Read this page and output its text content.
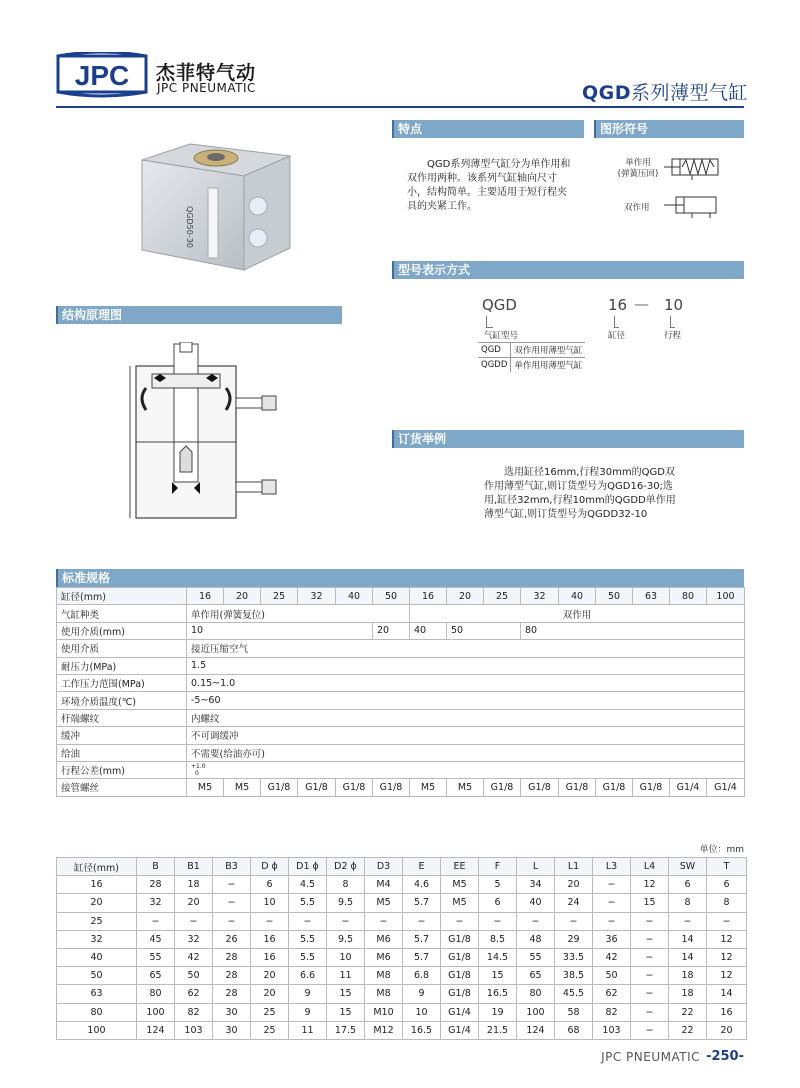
JPC 杰菲特气动
JPC PNEUMATIC	QGD系列薄型气缸
QGD50-30
特点
QGD系列薄型气缸分为单作用和双作用两种。该系列气缸轴向尺寸小，结构简单。主要适用于短行程夹具的夹紧工作。
图形符号
单作用
(弹簧压回)
双作用
型号表示方式
QGD	16 — 10
气缸型号	缸径	行程
QGD	双作用用薄型气缸
QGDD	单作用用薄型气缸
结构原理图
订货举例
选用缸径16mm,行程30mm的QGD双作用薄型气缸,则订货型号为QGD16-30;选用,缸径32mm,行程10mm的QGDD单作用薄型气缸,则订货型号为QGDD32-10
标准规格
缸径(mm)	16	20	25	32	40	50	16	20	25	32	40	50	63	80	100
气缸种类	单作用(弹簧复位)						双作用								
使用介质(mm)	10					20	40	50		80					
使用介质	接近压缩空气														
耐压力(MPa)	1.5														
工作压力范围(MPa)	0.15~1.0														
环境介质温度(℃)	-5~60														
杆端螺纹	内螺纹														
缓冲	不可调缓冲														
给油	不需要(给油亦可)														
行程公差(mm)	+1.0
0														

接管螺丝	M5	M5	G1/8	G1/8	G1/8	G1/8	M5	M5	G1/8	G1/8	G1/8	G1/8	G1/8	G1/4	G1/4
单位：mm
缸径(mm)	B	B1	B3	D ϕ	D1 ϕ	D2 ϕ	D3	E	EE	F	L	L1	L3	L4	SW	T
16	28	18	−	6	4.5	8	M4	4.6	M5	5	34	20	−	12	6	6
20	32	20	−	10	5.5	9.5	M5	5.7	M5	6	40	24	−	15	8	8
25	−	−	−	−	−	−	−	−	−	−	−	−	−	−	−	−
32	45	32	26	16	5.5	9.5	M6	5.7	G1/8	8.5	48	29	36	−	14	12
40	55	42	28	16	5.5	10	M6	5.7	G1/8	14.5	55	33.5	42	−	14	12
50	65	50	28	20	6.6	11	M8	6.8	G1/8	15	65	38.5	50	−	18	12
63	80	62	28	20	9	15	M8	9	G1/8	16.5	80	45.5	62	−	18	14
80	100	82	30	25	9	15	M10	10	G1/4	19	100	58	82	−	22	16
100	124	103	30	25	11	17.5	M12	16.5	G1/4	21.5	124	68	103	−	22	20
JPC PNEUMATIC -250-
